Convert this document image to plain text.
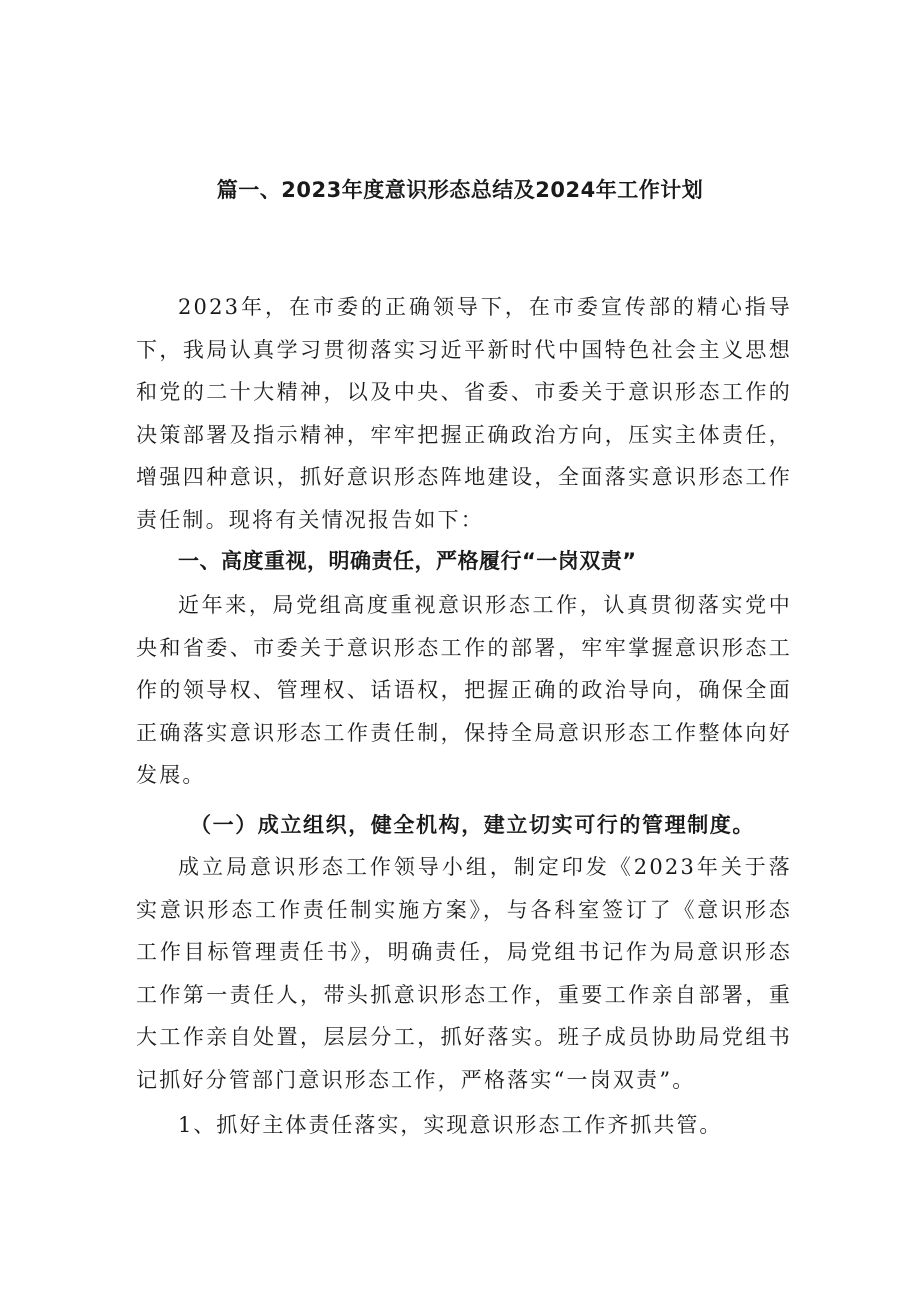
篇一、2023年度意识形态总结及2024年工作计划

2023年，在市委的正确领导下，在市委宣传部的精心指导下，我局认真学习贯彻落实习近平新时代中国特色社会主义思想和党的二十大精神，以及中央、省委、市委关于意识形态工作的决策部署及指示精神，牢牢把握正确政治方向，压实主体责任，增强四种意识，抓好意识形态阵地建设，全面落实意识形态工作责任制。现将有关情况报告如下：

一、高度重视，明确责任，严格履行“一岗双责”

近年来，局党组高度重视意识形态工作，认真贯彻落实党中央和省委、市委关于意识形态工作的部署，牢牢掌握意识形态工作的领导权、管理权、话语权，把握正确的政治导向，确保全面正确落实意识形态工作责任制，保持全局意识形态工作整体向好发展。

（一）成立组织，健全机构，建立切实可行的管理制度。

成立局意识形态工作领导小组，制定印发《2023年关于落实意识形态工作责任制实施方案》，与各科室签订了《意识形态工作目标管理责任书》，明确责任，局党组书记作为局意识形态工作第一责任人，带头抓意识形态工作，重要工作亲自部署，重大工作亲自处置，层层分工，抓好落实。班子成员协助局党组书记抓好分管部门意识形态工作，严格落实“一岗双责”。

1、抓好主体责任落实，实现意识形态工作齐抓共管。
